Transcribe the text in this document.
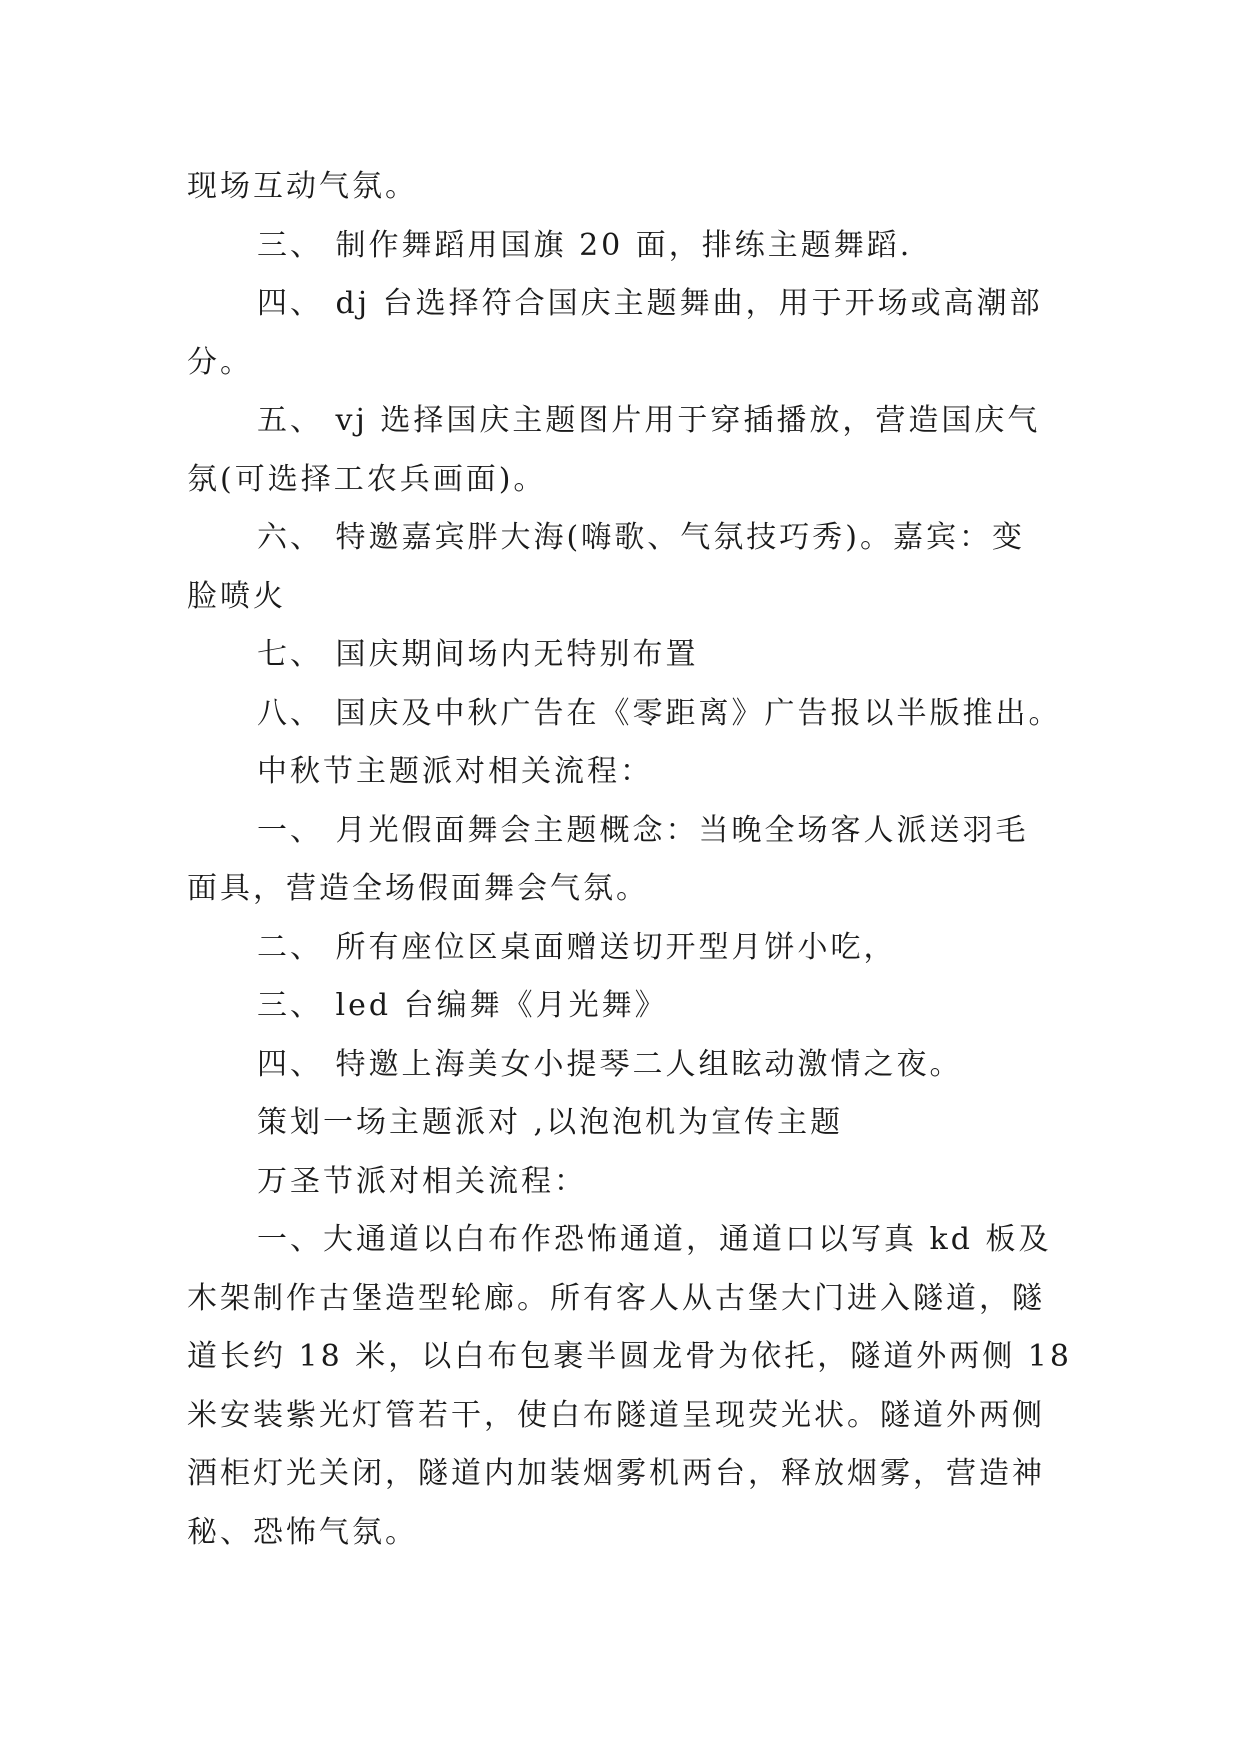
现场互动气氛。
三、 制作舞蹈用国旗 20 面，排练主题舞蹈.
四、 dj 台选择符合国庆主题舞曲，用于开场或高潮部
分。
五、 vj 选择国庆主题图片用于穿插播放，营造国庆气
氛(可选择工农兵画面)。
六、 特邀嘉宾胖大海(嗨歌、气氛技巧秀)。嘉宾：变
脸喷火
七、 国庆期间场内无特别布置
八、 国庆及中秋广告在《零距离》广告报以半版推出。
中秋节主题派对相关流程：
一、 月光假面舞会主题概念：当晚全场客人派送羽毛
面具，营造全场假面舞会气氛。
二、 所有座位区桌面赠送切开型月饼小吃，
三、 led 台编舞《月光舞》
四、 特邀上海美女小提琴二人组眩动激情之夜。
策划一场主题派对 ,以泡泡机为宣传主题
万圣节派对相关流程：
一、大通道以白布作恐怖通道，通道口以写真 kd 板及
木架制作古堡造型轮廊。所有客人从古堡大门进入隧道，隧
道长约 18 米，以白布包裹半圆龙骨为依托，隧道外两侧 18
米安装紫光灯管若干，使白布隧道呈现荧光状。隧道外两侧
酒柜灯光关闭，隧道内加装烟雾机两台，释放烟雾，营造神
秘、恐怖气氛。
